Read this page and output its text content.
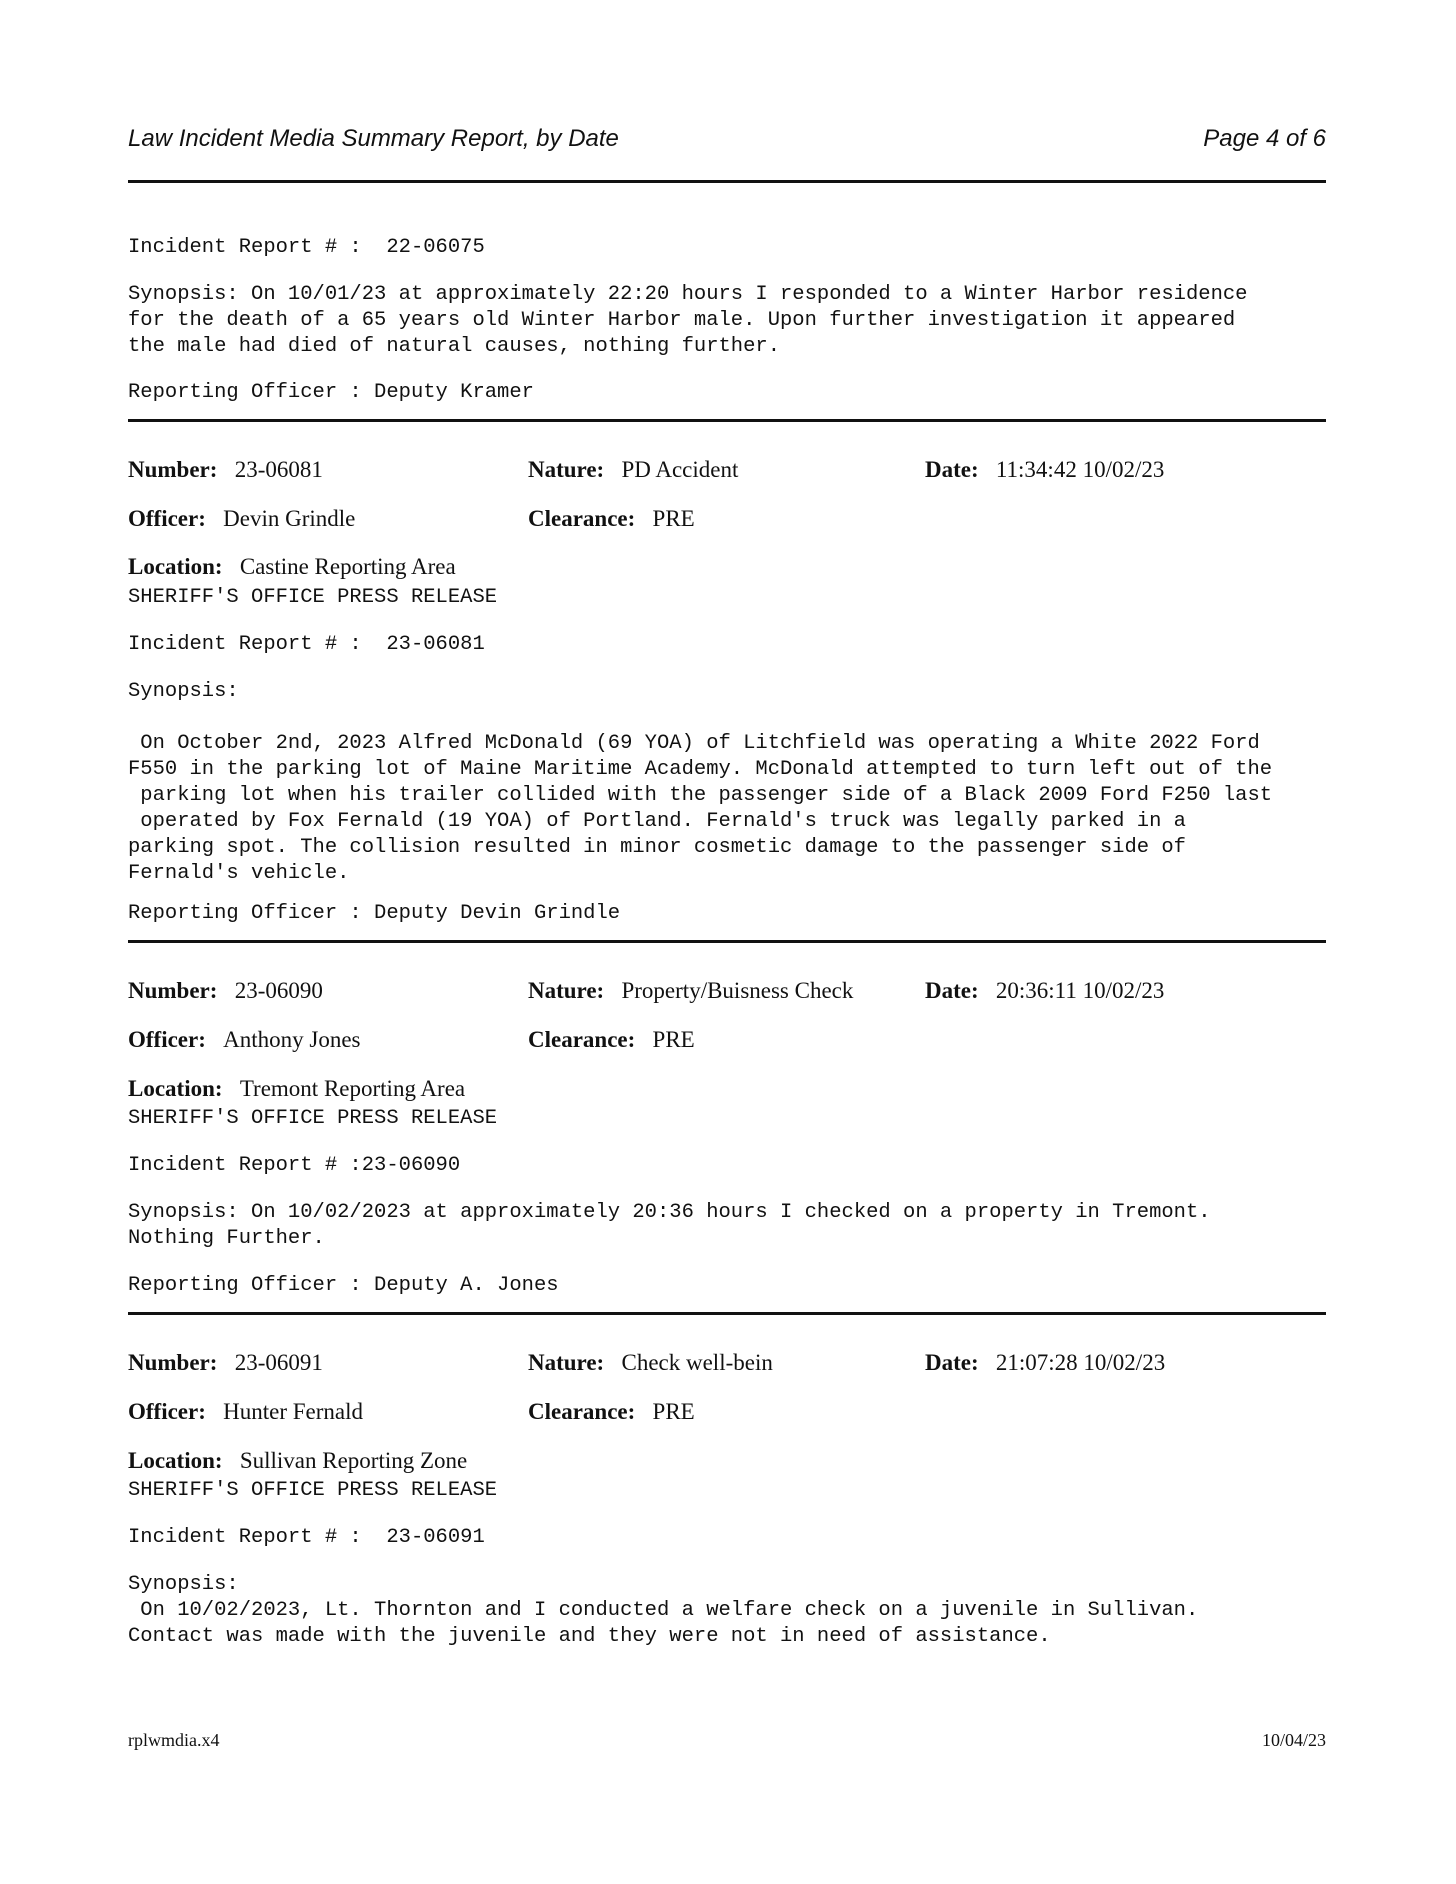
Law Incident Media Summary Report, by Date	Page 4 of 6
Incident Report # :  22-06075
Synopsis: On 10/01/23 at approximately 22:20 hours I responded to a Winter Harbor residence
for the death of a 65 years old Winter Harbor male. Upon further investigation it appeared
the male had died of natural causes, nothing further.
Reporting Officer : Deputy Kramer
Number: 23-06081	Nature: PD Accident	Date: 11:34:42 10/02/23
Officer: Devin Grindle	Clearance: PRE
Location: Castine Reporting Area
SHERIFF'S OFFICE PRESS RELEASE
Incident Report # :  23-06081
Synopsis:

On October 2nd, 2023 Alfred McDonald (69 YOA) of Litchfield was operating a White 2022 Ford
F550 in the parking lot of Maine Maritime Academy. McDonald attempted to turn left out of the
parking lot when his trailer collided with the passenger side of a Black 2009 Ford F250 last
operated by Fox Fernald (19 YOA) of Portland. Fernald's truck was legally parked in a
parking spot. The collision resulted in minor cosmetic damage to the passenger side of
Fernald's vehicle.
Reporting Officer : Deputy Devin Grindle
Number: 23-06090	Nature: Property/Buisness Check	Date: 20:36:11 10/02/23
Officer: Anthony Jones	Clearance: PRE
Location: Tremont Reporting Area
SHERIFF'S OFFICE PRESS RELEASE
Incident Report # :23-06090
Synopsis: On 10/02/2023 at approximately 20:36 hours I checked on a property in Tremont.
Nothing Further.
Reporting Officer : Deputy A. Jones
Number: 23-06091	Nature: Check well-bein	Date: 21:07:28 10/02/23
Officer: Hunter Fernald	Clearance: PRE
Location: Sullivan Reporting Zone
SHERIFF'S OFFICE PRESS RELEASE
Incident Report # :  23-06091
Synopsis:
On 10/02/2023, Lt. Thornton and I conducted a welfare check on a juvenile in Sullivan.
Contact was made with the juvenile and they were not in need of assistance.
rplwmdia.x4	10/04/23
